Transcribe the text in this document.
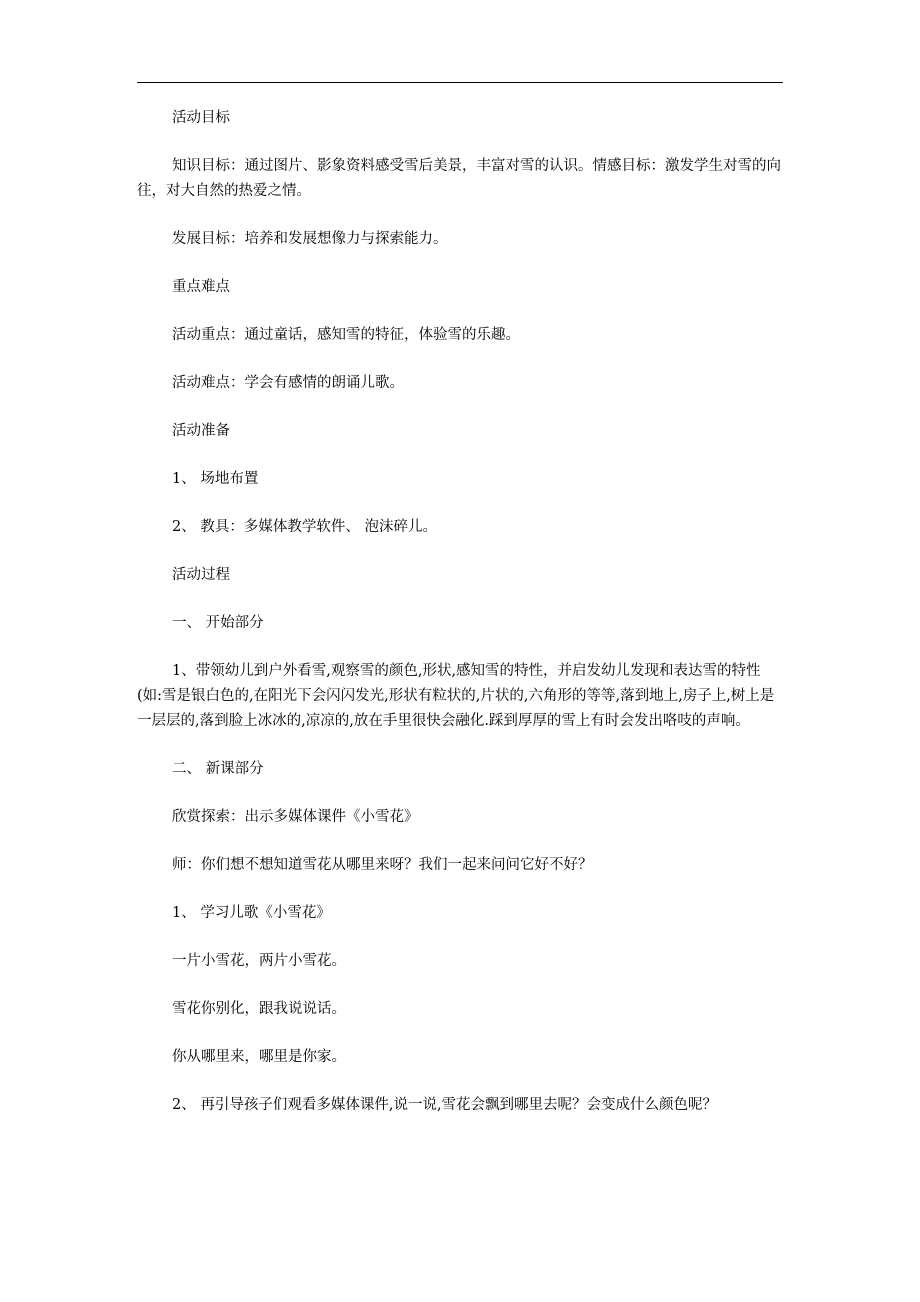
活动目标

知识目标：通过图片、影象资料感受雪后美景，丰富对雪的认识。情感目标：激发学生对雪的向往，对大自然的热爱之情。

发展目标：培养和发展想像力与探索能力。

重点难点

活动重点：通过童话，感知雪的特征，体验雪的乐趣。

活动难点：学会有感情的朗诵儿歌。

活动准备

1、 场地布置

2、 教具：多媒体教学软件、 泡沫碎儿。

活动过程

一、 开始部分

1、带领幼儿到户外看雪,观察雪的颜色,形状,感知雪的特性，并启发幼儿发现和表达雪的特性(如:雪是银白色的,在阳光下会闪闪发光,形状有粒状的,片状的,六角形的等等,落到地上,房子上,树上是一层层的,落到脸上冰冰的,凉凉的,放在手里很快会融化.踩到厚厚的雪上有时会发出咯吱的声响。

二、 新课部分

欣赏探索：出示多媒体课件《小雪花》

师：你们想不想知道雪花从哪里来呀？我们一起来问问它好不好？

1、 学习儿歌《小雪花》

一片小雪花，两片小雪花。

雪花你别化，跟我说说话。

你从哪里来，哪里是你家。

2、 再引导孩子们观看多媒体课件,说一说,雪花会飘到哪里去呢？会变成什么颜色呢？
